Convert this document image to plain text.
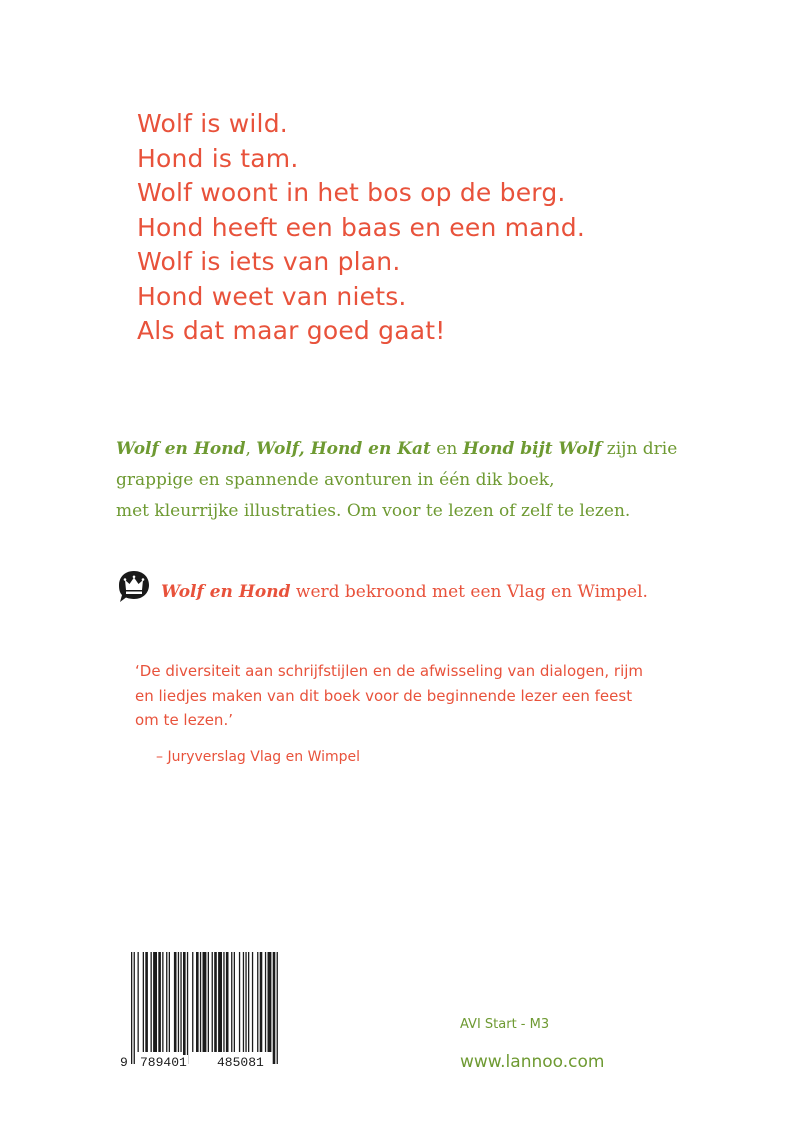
Wolf is wild.
Hond is tam.
Wolf woont in het bos op de berg.
Hond heeft een baas en een mand.
Wolf is iets van plan.
Hond weet van niets.
Als dat maar goed gaat!
Wolf en Hond, Wolf, Hond en Kat en Hond bijt Wolf zijn drie
grappige en spannende avonturen in één dik boek,
met kleurrijke illustraties. Om voor te lezen of zelf te lezen.
Wolf en Hond werd bekroond met een Vlag en Wimpel.
‘De diversiteit aan schrijfstijlen en de afwisseling van dialogen, rijm
en liedjes maken van dit boek voor de beginnende lezer een feest
om te lezen.’
– Juryverslag Vlag en Wimpel
9 789401 485081
AVI Start - M3
www.lannoo.com
